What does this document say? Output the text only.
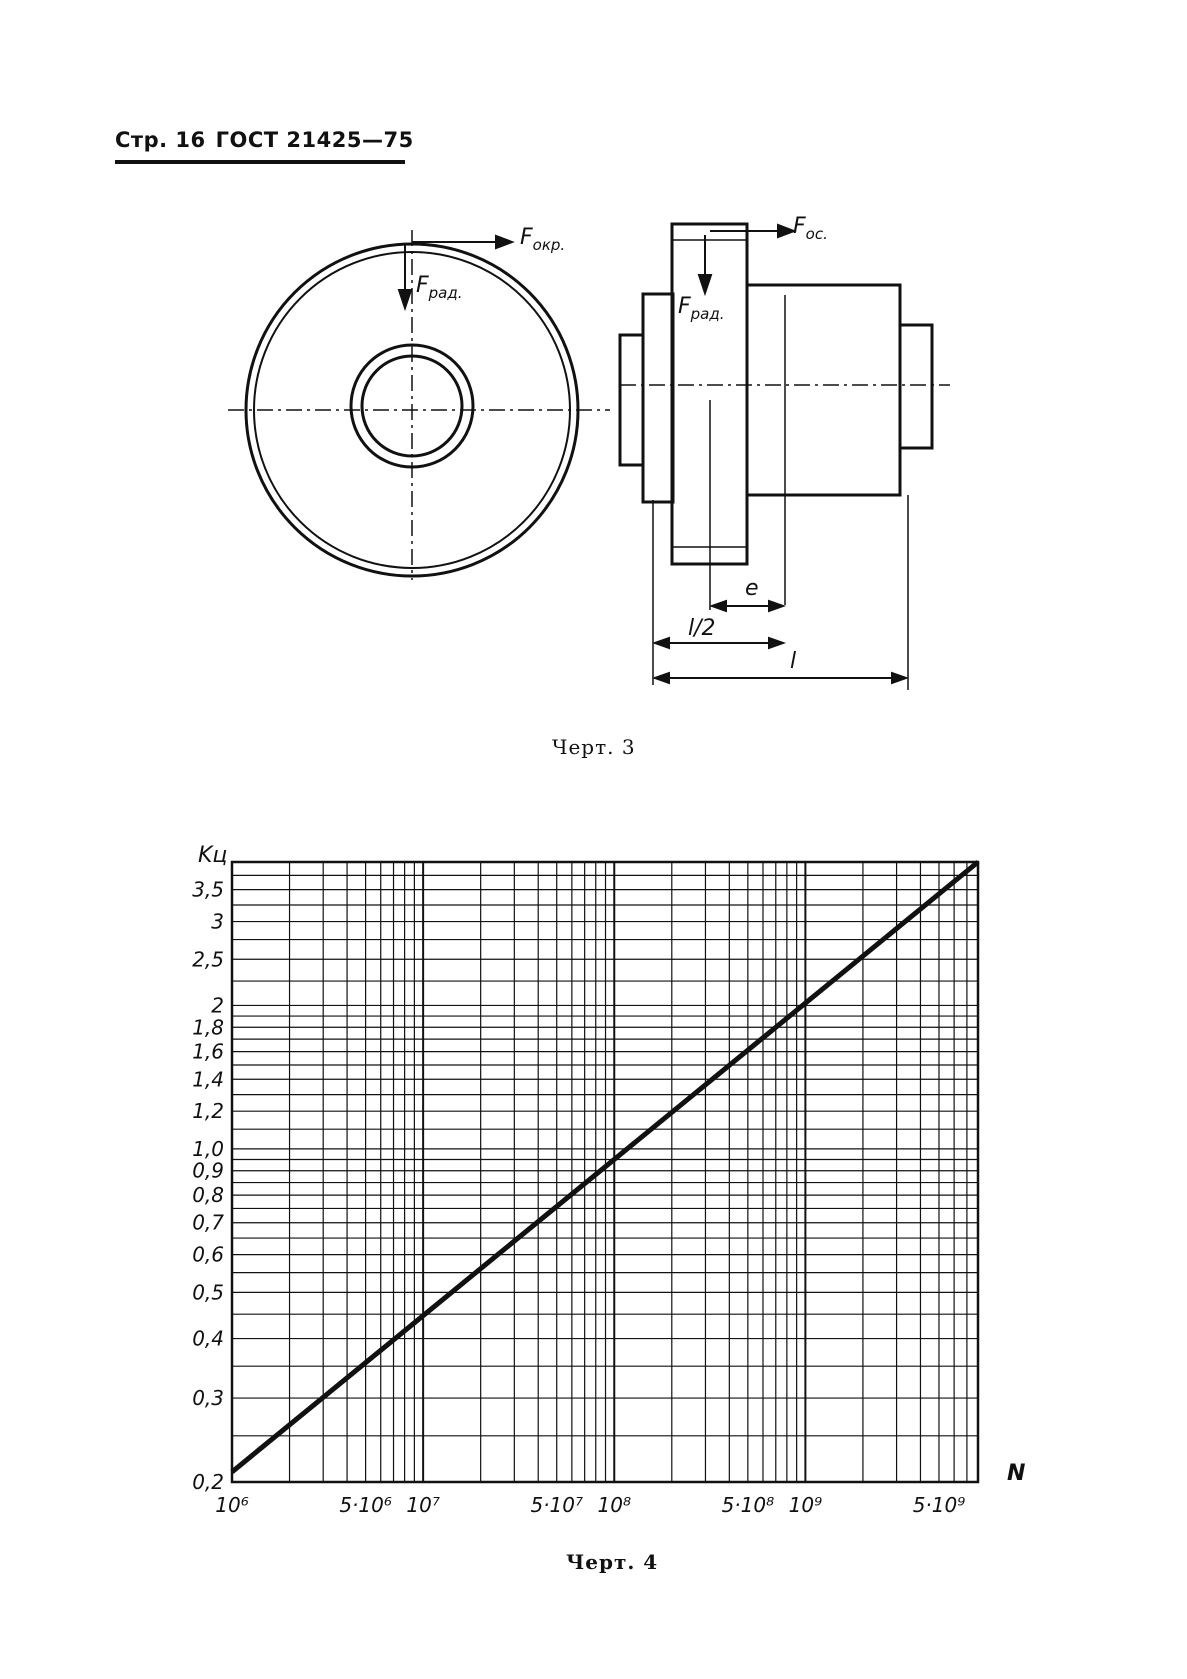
Стр. 16 ГОСТ 21425—75
$F_{окр.}$
$F_{рад.}$
$F_{ос.}$
$F_{рад.}$
e
l/2
l
Черт. 3
3,5
3
2,5
2
1,8
1,6
1,4
1,2
1,0
0,9
0,8
0,7
0,6
0,5
0,4
0,3
0,2
10⁶	5·10⁶ 10⁷	5·10⁷ 10⁸	5·10⁸ 10⁹	5·10⁹
Kц
N
Черт. 4
